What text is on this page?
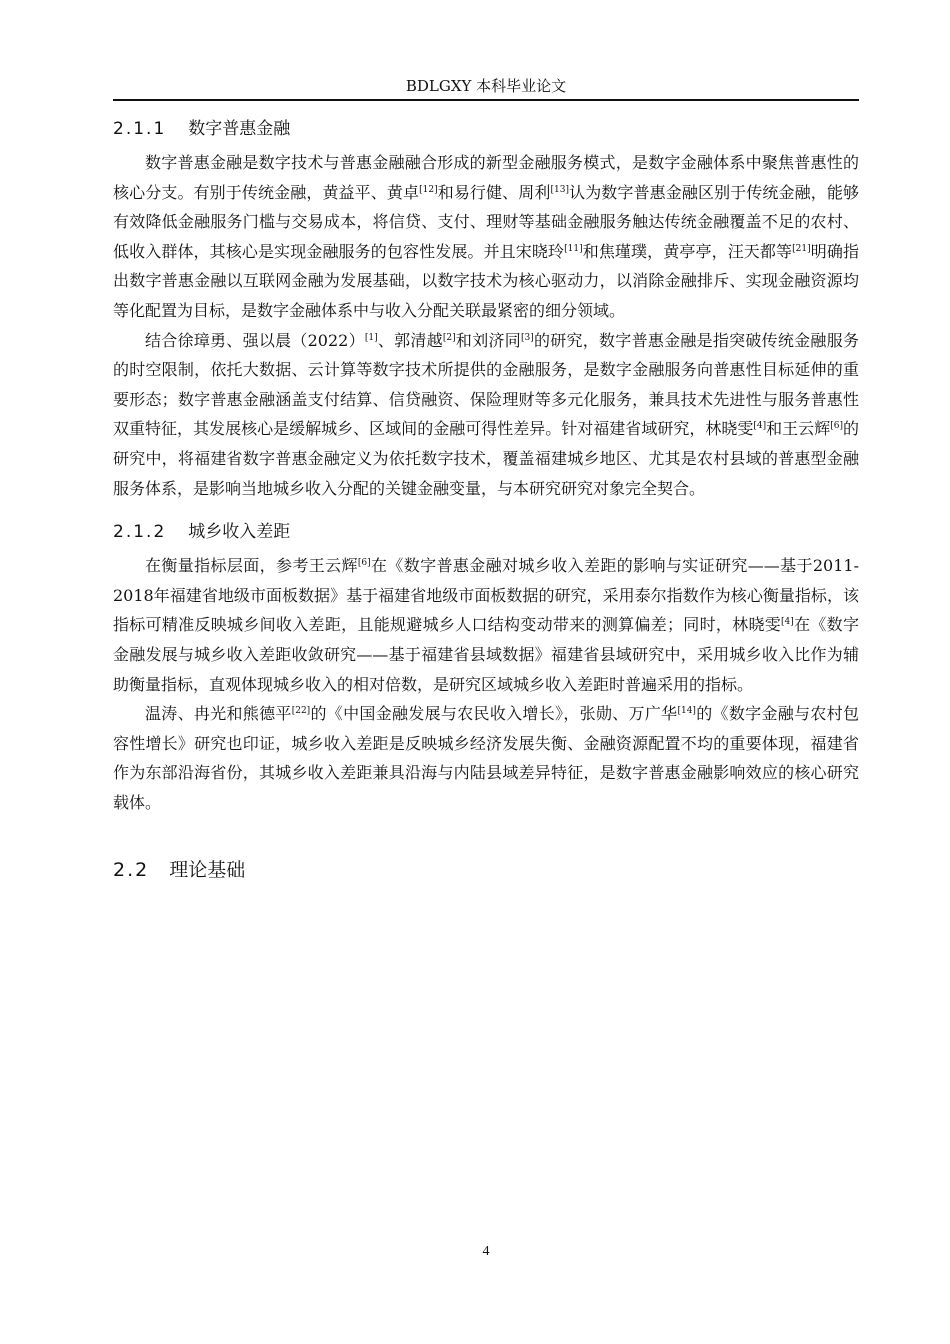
BDLGXY 本科毕业论文
2.1.1 数字普惠金融

数字普惠金融是数字技术与普惠金融融合形成的新型金融服务模式，是数字金融体系中聚焦普惠性的核心分支。有别于传统金融，黄益平、黄卓[12]和易行健、周利[13]认为数字普惠金融区别于传统金融，能够有效降低金融服务门槛与交易成本，将信贷、支付、理财等基础金融服务触达传统金融覆盖不足的农村、低收入群体，其核心是实现金融服务的包容性发展。并且宋晓玲[11]和焦瑾璞，黄亭亭，汪天都等[21]明确指出数字普惠金融以互联网金融为发展基础，以数字技术为核心驱动力，以消除金融排斥、实现金融资源均等化配置为目标，是数字金融体系中与收入分配关联最紧密的细分领域。

结合徐璋勇、强以晨（2022）[1]、郭清越[2]和刘济同[3]的研究，数字普惠金融是指突破传统金融服务的时空限制，依托大数据、云计算等数字技术所提供的金融服务，是数字金融服务向普惠性目标延伸的重要形态；数字普惠金融涵盖支付结算、信贷融资、保险理财等多元化服务，兼具技术先进性与服务普惠性双重特征，其发展核心是缓解城乡、区域间的金融可得性差异。针对福建省域研究，林晓雯[4]和王云辉[6]的研究中，将福建省数字普惠金融定义为依托数字技术，覆盖福建城乡地区、尤其是农村县域的普惠型金融服务体系，是影响当地城乡收入分配的关键金融变量，与本研究研究对象完全契合。

2.1.2 城乡收入差距

在衡量指标层面，参考王云辉[6]在《数字普惠金融对城乡收入差距的影响与实证研究——基于2011-2018年福建省地级市面板数据》基于福建省地级市面板数据的研究，采用泰尔指数作为核心衡量指标，该指标可精准反映城乡间收入差距，且能规避城乡人口结构变动带来的测算偏差；同时，林晓雯[4]在《数字金融发展与城乡收入差距收敛研究——基于福建省县域数据》福建省县域研究中，采用城乡收入比作为辅助衡量指标，直观体现城乡收入的相对倍数，是研究区域城乡收入差距时普遍采用的指标。

温涛、冉光和熊德平[22]的《中国金融发展与农民收入增长》，张勋、万广华[14]的《数字金融与农村包容性增长》研究也印证，城乡收入差距是反映城乡经济发展失衡、金融资源配置不均的重要体现，福建省作为东部沿海省份，其城乡收入差距兼具沿海与内陆县域差异特征，是数字普惠金融影响效应的核心研究载体。

2.2 理论基础
4
